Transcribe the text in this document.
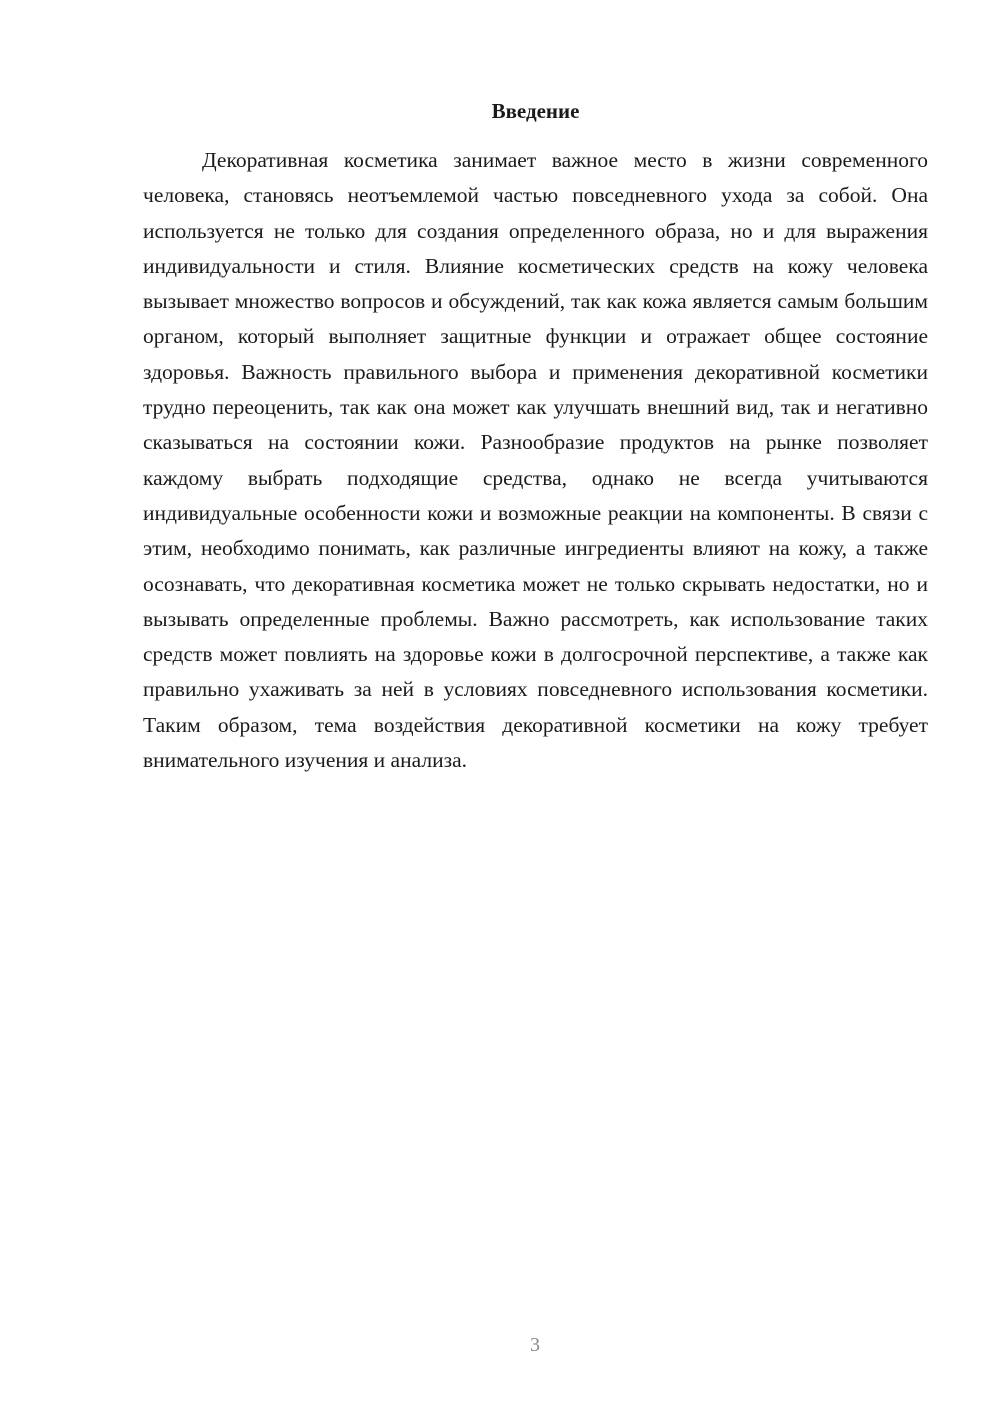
Введение

Декоративная косметика занимает важное место в жизни современного человека, становясь неотъемлемой частью повседневного ухода за собой. Она используется не только для создания определенного образа, но и для выражения индивидуальности и стиля. Влияние косметических средств на кожу человека вызывает множество вопросов и обсуждений, так как кожа является самым большим органом, который выполняет защитные функции и отражает общее состояние здоровья. Важность правильного выбора и применения декоративной косметики трудно переоценить, так как она может как улучшать внешний вид, так и негативно сказываться на состоянии кожи. Разнообразие продуктов на рынке позволяет каждому выбрать подходящие средства, однако не всегда учитываются индивидуальные особенности кожи и возможные реакции на компоненты. В связи с этим, необходимо понимать, как различные ингредиенты влияют на кожу, а также осознавать, что декоративная косметика может не только скрывать недостатки, но и вызывать определенные проблемы. Важно рассмотреть, как использование таких средств может повлиять на здоровье кожи в долгосрочной перспективе, а также как правильно ухаживать за ней в условиях повседневного использования косметики. Таким образом, тема воздействия декоративной косметики на кожу требует внимательного изучения и анализа.

3
